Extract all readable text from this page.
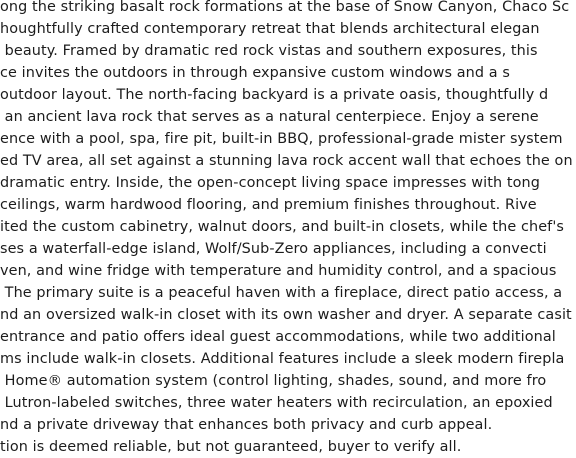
ong the striking basalt rock formations at the base of Snow Canyon, Chaco Sc
houghtfully crafted contemporary retreat that blends architectural elegan
beauty. Framed by dramatic red rock vistas and southern exposures, this
ce invites the outdoors in through expansive custom windows and a s
outdoor layout. The north-facing backyard is a private oasis, thoughtfully d
an ancient lava rock that serves as a natural centerpiece. Enjoy a serene
ence with a pool, spa, fire pit, built-in BBQ, professional-grade mister system
ed TV area, all set against a stunning lava rock accent wall that echoes the on
dramatic entry. Inside, the open-concept living space impresses with tong
ceilings, warm hardwood flooring, and premium finishes throughout. Rive
ited the custom cabinetry, walnut doors, and built-in closets, while the chef's
ses a waterfall-edge island, Wolf/Sub-Zero appliances, including a convecti
ven, and wine fridge with temperature and humidity control, and a spacious
The primary suite is a peaceful haven with a fireplace, direct patio access, a
nd an oversized walk-in closet with its own washer and dryer. A separate casit
entrance and patio offers ideal guest accommodations, while two additional
ms include walk-in closets. Additional features include a sleek modern firepla
Home® automation system (control lighting, shades, sound, and more fro
Lutron-labeled switches, three water heaters with recirculation, an epoxied
nd a private driveway that enhances both privacy and curb appeal.
tion is deemed reliable, but not guaranteed, buyer to verify all.
